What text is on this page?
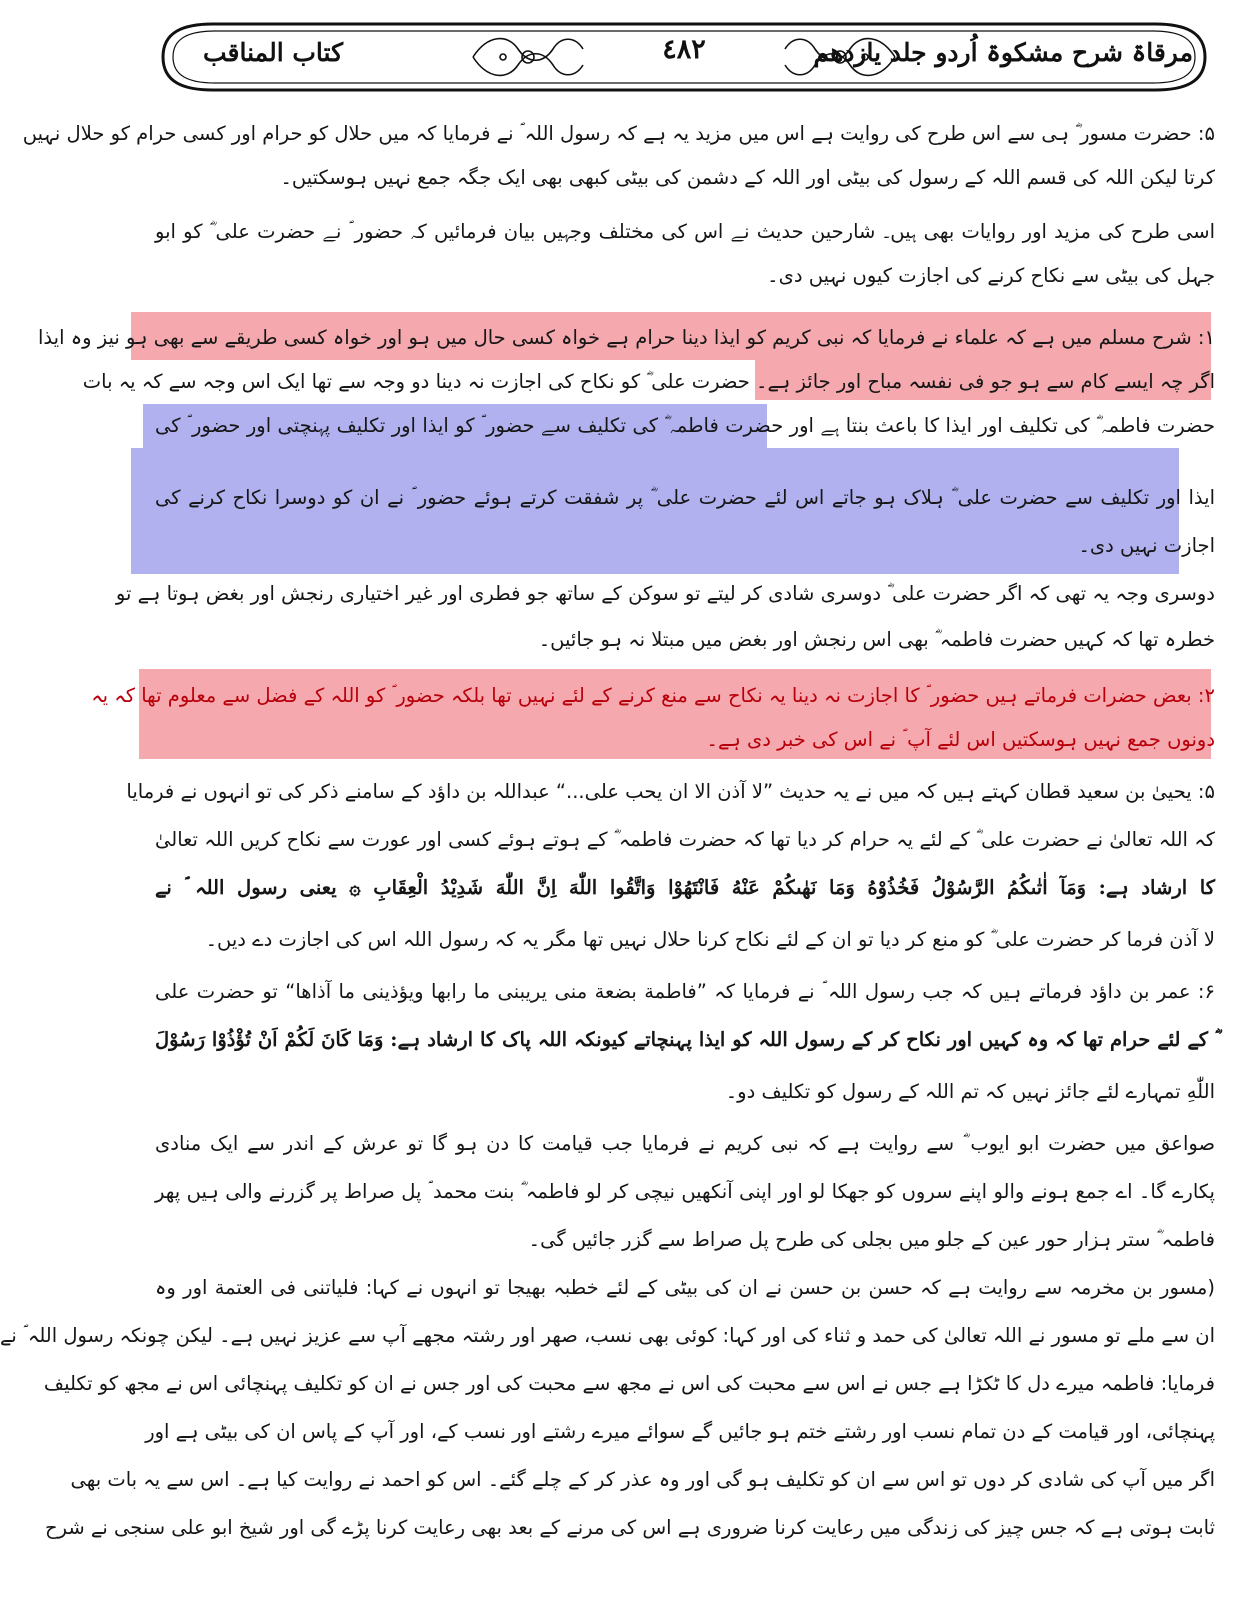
مرقاۃ شرح مشکوۃ اُردو جلد یازدھم
٤٨٢
كتاب المناقب
۵: حضرت مسور ؓ ہی سے اس طرح کی روایت ہے اس میں مزید یہ ہے کہ رسول اللہ ؐ نے فرمایا کہ میں حلال کو حرام اور کسی حرام کو حلال نہیں
کرتا لیکن اللہ کی قسم اللہ کے رسول کی بیٹی اور اللہ کے دشمن کی بیٹی کبھی بھی ایک جگہ جمع نہیں ہوسکتیں۔
اسی طرح کی مزید اور روایات بھی ہیں۔ شارحین حدیث نے اس کی مختلف وجہیں بیان فرمائیں کہ حضور ؐ نے حضرت علی ؓ کو ابو
جہل کی بیٹی سے نکاح کرنے کی اجازت کیوں نہیں دی۔
۱: شرح مسلم میں ہے کہ علماء نے فرمایا کہ نبی کریم کو ایذا دینا حرام ہے خواہ کسی حال میں ہو اور خواہ کسی طریقے سے بھی ہو نیز وہ ایذا
اگر چہ ایسے کام سے ہو جو فی نفسہ مباح اور جائز ہے۔ حضرت علی ؓ کو نکاح کی اجازت نہ دینا دو وجہ سے تھا ایک اس وجہ سے کہ یہ بات
حضرت فاطمہ ؓ کی تکلیف اور ایذا کا باعث بنتا ہے اور حضرت فاطمہ ؓ کی تکلیف سے حضور ؐ کو ایذا اور تکلیف پہنچتی اور حضور ؐ کی
ایذا اور تکلیف سے حضرت علی ؓ ہلاک ہو جاتے اس لئے حضرت علی ؓ پر شفقت کرتے ہوئے حضور ؐ نے ان کو دوسرا نکاح کرنے کی
اجازت نہیں دی۔
دوسری وجہ یہ تھی کہ اگر حضرت علی ؓ دوسری شادی کر لیتے تو سوکن کے ساتھ جو فطری اور غیر اختیاری رنجش اور بغض ہوتا ہے تو
خطرہ تھا کہ کہیں حضرت فاطمہ ؓ بھی اس رنجش اور بغض میں مبتلا نہ ہو جائیں۔
۲: بعض حضرات فرماتے ہیں حضور ؐ کا اجازت نہ دینا یہ نکاح سے منع کرنے کے لئے نہیں تھا بلکہ حضور ؐ کو اللہ کے فضل سے معلوم تھا کہ یہ
دونوں جمع نہیں ہوسکتیں اس لئے آپ ؐ نے اس کی خبر دی ہے۔
۵: یحییٰ بن سعید قطان کہتے ہیں کہ میں نے یہ حدیث ”لا آذن الا ان یحب علی...“ عبداللہ بن داؤد کے سامنے ذکر کی تو انہوں نے فرمایا
کہ اللہ تعالیٰ نے حضرت علی ؓ کے لئے یہ حرام کر دیا تھا کہ حضرت فاطمہ ؓ کے ہوتے ہوئے کسی اور عورت سے نکاح کریں اللہ تعالیٰ
کا ارشاد ہے: وَمَآ اٰتٰىكُمُ الرَّسُوْلُ فَخُذُوْهُ وَمَا نَهٰىكُمْ عَنْهُ فَانْتَهُوْا وَاتَّقُوا اللّٰهَ اِنَّ اللّٰهَ شَدِيْدُ الْعِقَابِ ۞ یعنی رسول اللہ ؐ نے
لا آذن فرما کر حضرت علی ؓ کو منع کر دیا تو ان کے لئے نکاح کرنا حلال نہیں تھا مگر یہ کہ رسول اللہ اس کی اجازت دے دیں۔
۶: عمر بن داؤد فرماتے ہیں کہ جب رسول اللہ ؐ نے فرمایا کہ ”فاطمة بضعة منی یریبنی ما رابها ویؤذینی ما آذاها“ تو حضرت علی
ؓ کے لئے حرام تھا کہ وہ کہیں اور نکاح کر کے رسول اللہ کو ایذا پہنچاتے کیونکہ اللہ پاک کا ارشاد ہے: وَمَا كَانَ لَكُمْ اَنْ تُؤْذُوْا رَسُوْلَ
اللّٰهِ تمہارے لئے جائز نہیں کہ تم اللہ کے رسول کو تکلیف دو۔
صواعق میں حضرت ابو ایوب ؓ سے روایت ہے کہ نبی کریم نے فرمایا جب قیامت کا دن ہو گا تو عرش کے اندر سے ایک منادی
پکارے گا۔ اے جمع ہونے والو اپنے سروں کو جھکا لو اور اپنی آنکھیں نیچی کر لو فاطمہ ؓ بنت محمد ؐ پل صراط پر گزرنے والی ہیں پھر
فاطمہ ؓ ستر ہزار حور عین کے جلو میں بجلی کی طرح پل صراط سے گزر جائیں گی۔
(مسور بن مخرمہ سے روایت ہے کہ حسن بن حسن نے ان کی بیٹی کے لئے خطبہ بھیجا تو انہوں نے کہا: فلیاتنی فی العتمة اور وہ
ان سے ملے تو مسور نے اللہ تعالیٰ کی حمد و ثناء کی اور کہا: کوئی بھی نسب، صھر اور رشتہ مجھے آپ سے عزیز نہیں ہے۔ لیکن چونکہ رسول اللہ ؐ نے
فرمایا: فاطمہ میرے دل کا ٹکڑا ہے جس نے اس سے محبت کی اس نے مجھ سے محبت کی اور جس نے ان کو تکلیف پہنچائی اس نے مجھ کو تکلیف
پہنچائی، اور قیامت کے دن تمام نسب اور رشتے ختم ہو جائیں گے سوائے میرے رشتے اور نسب کے، اور آپ کے پاس ان کی بیٹی ہے اور
اگر میں آپ کی شادی کر دوں تو اس سے ان کو تکلیف ہو گی اور وہ عذر کر کے چلے گئے۔ اس کو احمد نے روایت کیا ہے۔ اس سے یہ بات بھی
ثابت ہوتی ہے کہ جس چیز کی زندگی میں رعایت کرنا ضروری ہے اس کی مرنے کے بعد بھی رعایت کرنا پڑے گی اور شیخ ابو علی سنجی نے شرح
